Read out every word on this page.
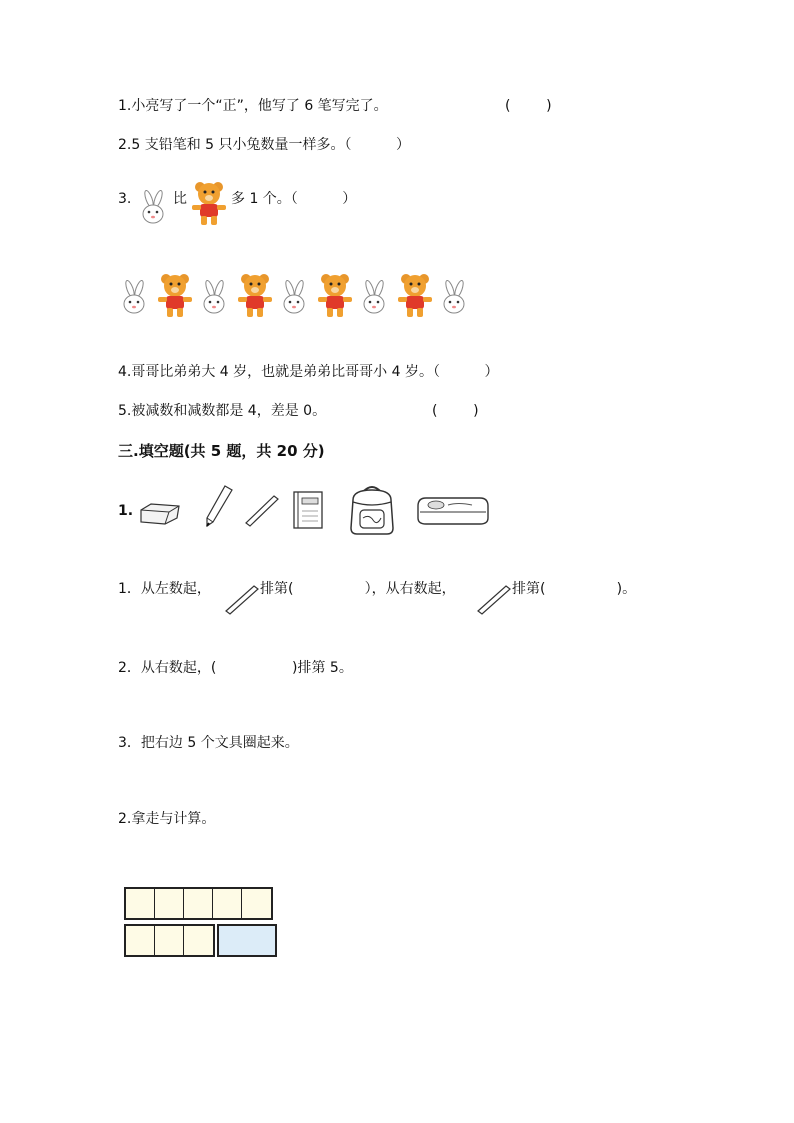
1.小亮写了一个“正”，他写了 6 笔写完了。	(        )
2.5 支铅笔和 5 只小兔数量一样多。（          ）
3.	比	多 1 个。（          ）
4.哥哥比弟弟大 4 岁，也就是弟弟比哥哥小 4 岁。（          ）
5.被减数和减数都是 4，差是 0。	(        )
三.填空题(共 5 题，共 20 分)
1.
1．从左数起，	排第(                ），从右数起，	排第(                )。
2．从右数起，(                 )排第 5。
3．把右边 5 个文具圈起来。
2.拿走与计算。
